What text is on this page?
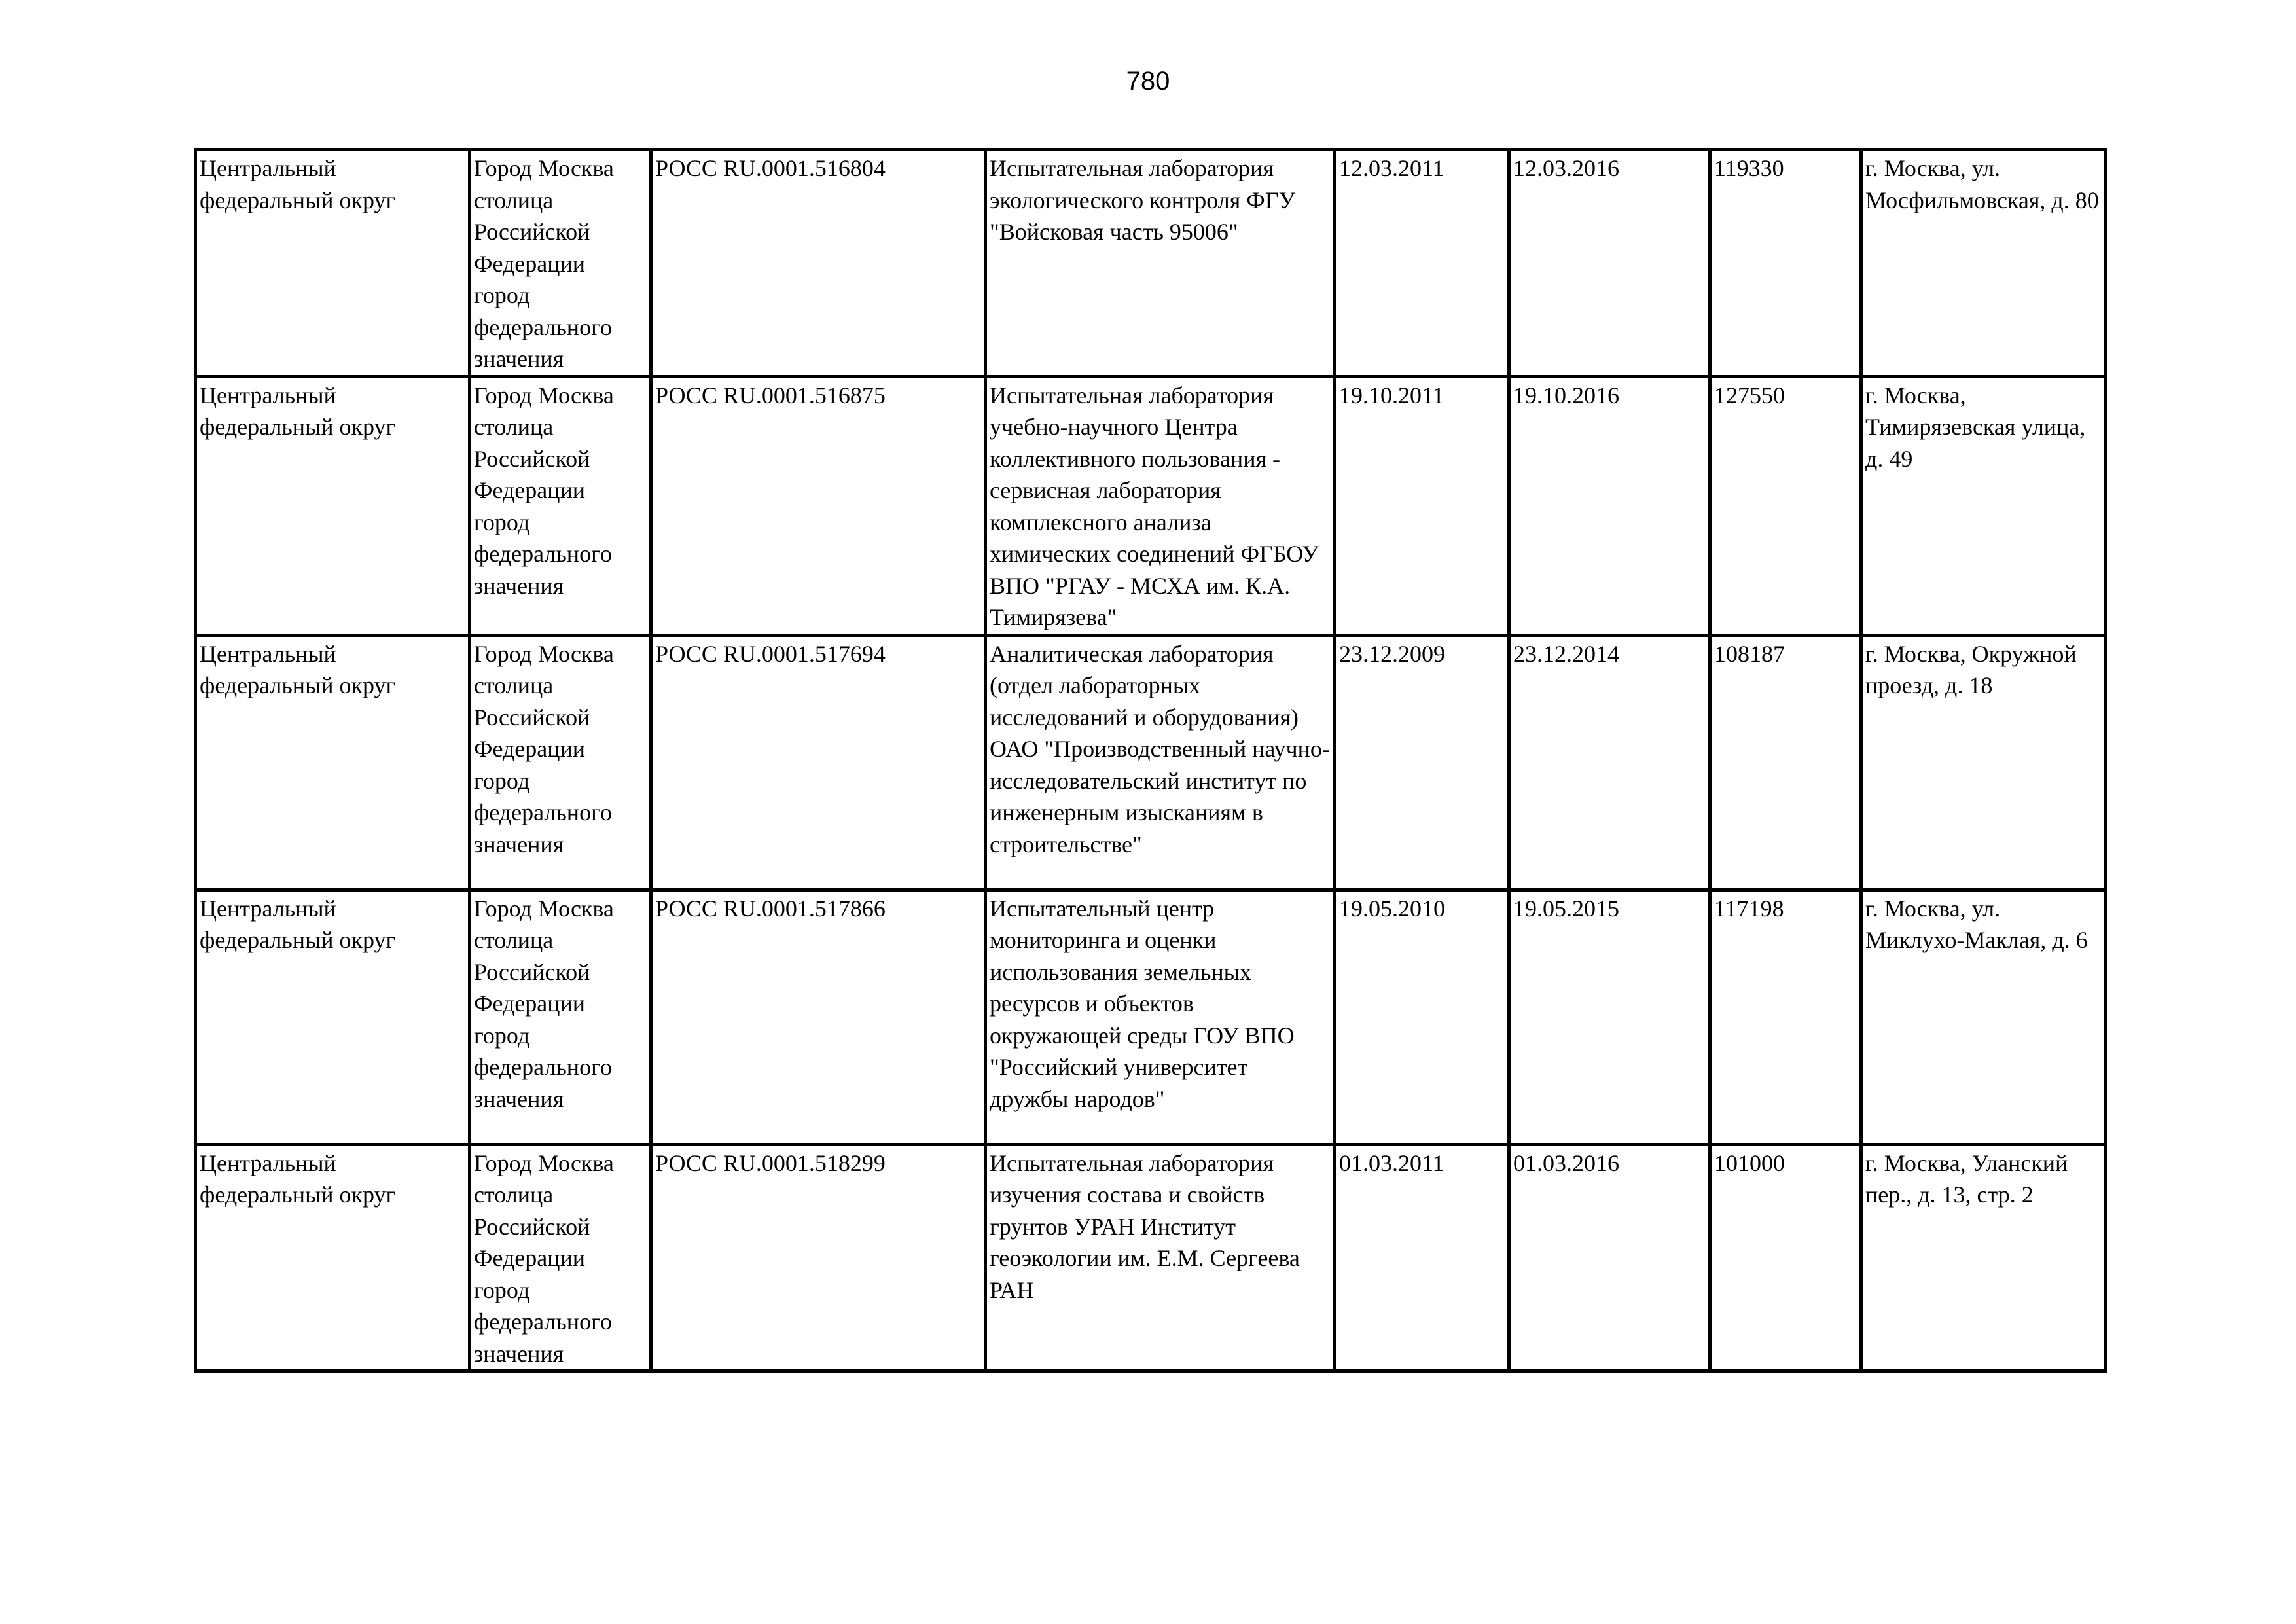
780
Центральный федеральный округ	Город Москва столица Российской Федерации город федерального значения	РОСС RU.0001.516804	Испытательная лаборатория экологического контроля ФГУ "Войсковая часть 95006"	12.03.2011	12.03.2016	119330	г. Москва, ул. Мосфильмовская, д. 80

Центральный федеральный округ	Город Москва столица Российской Федерации город федерального значения	РОСС RU.0001.516875	Испытательная лаборатория учебно-научного Центра коллективного пользования - сервисная лаборатория комплексного анализа химических соединений ФГБОУ ВПО "РГАУ - МСХА им. К.А. Тимирязева"	19.10.2011	19.10.2016	127550	г. Москва, Тимирязевская улица, д. 49

Центральный федеральный округ	Город Москва столица Российской Федерации город федерального значения	РОСС RU.0001.517694	Аналитическая лаборатория (отдел лабораторных исследований и оборудования) ОАО "Производственный научно-исследовательский институт по инженерным изысканиям в строительстве"	23.12.2009	23.12.2014	108187	г. Москва, Окружной проезд, д. 18

Центральный федеральный округ	Город Москва столица Российской Федерации город федерального значения	РОСС RU.0001.517866	Испытательный центр мониторинга и оценки использования земельных ресурсов и объектов окружающей среды ГОУ ВПО "Российский университет дружбы народов"	19.05.2010	19.05.2015	117198	г. Москва, ул. Миклухо-Маклая, д. 6

Центральный федеральный округ	Город Москва столица Российской Федерации город федерального значения	РОСС RU.0001.518299	Испытательная лаборатория изучения состава и свойств грунтов УРАН Институт геоэкологии им. Е.М. Сергеева РАН	01.03.2011	01.03.2016	101000	г. Москва, Уланский пер., д. 13, стр. 2
